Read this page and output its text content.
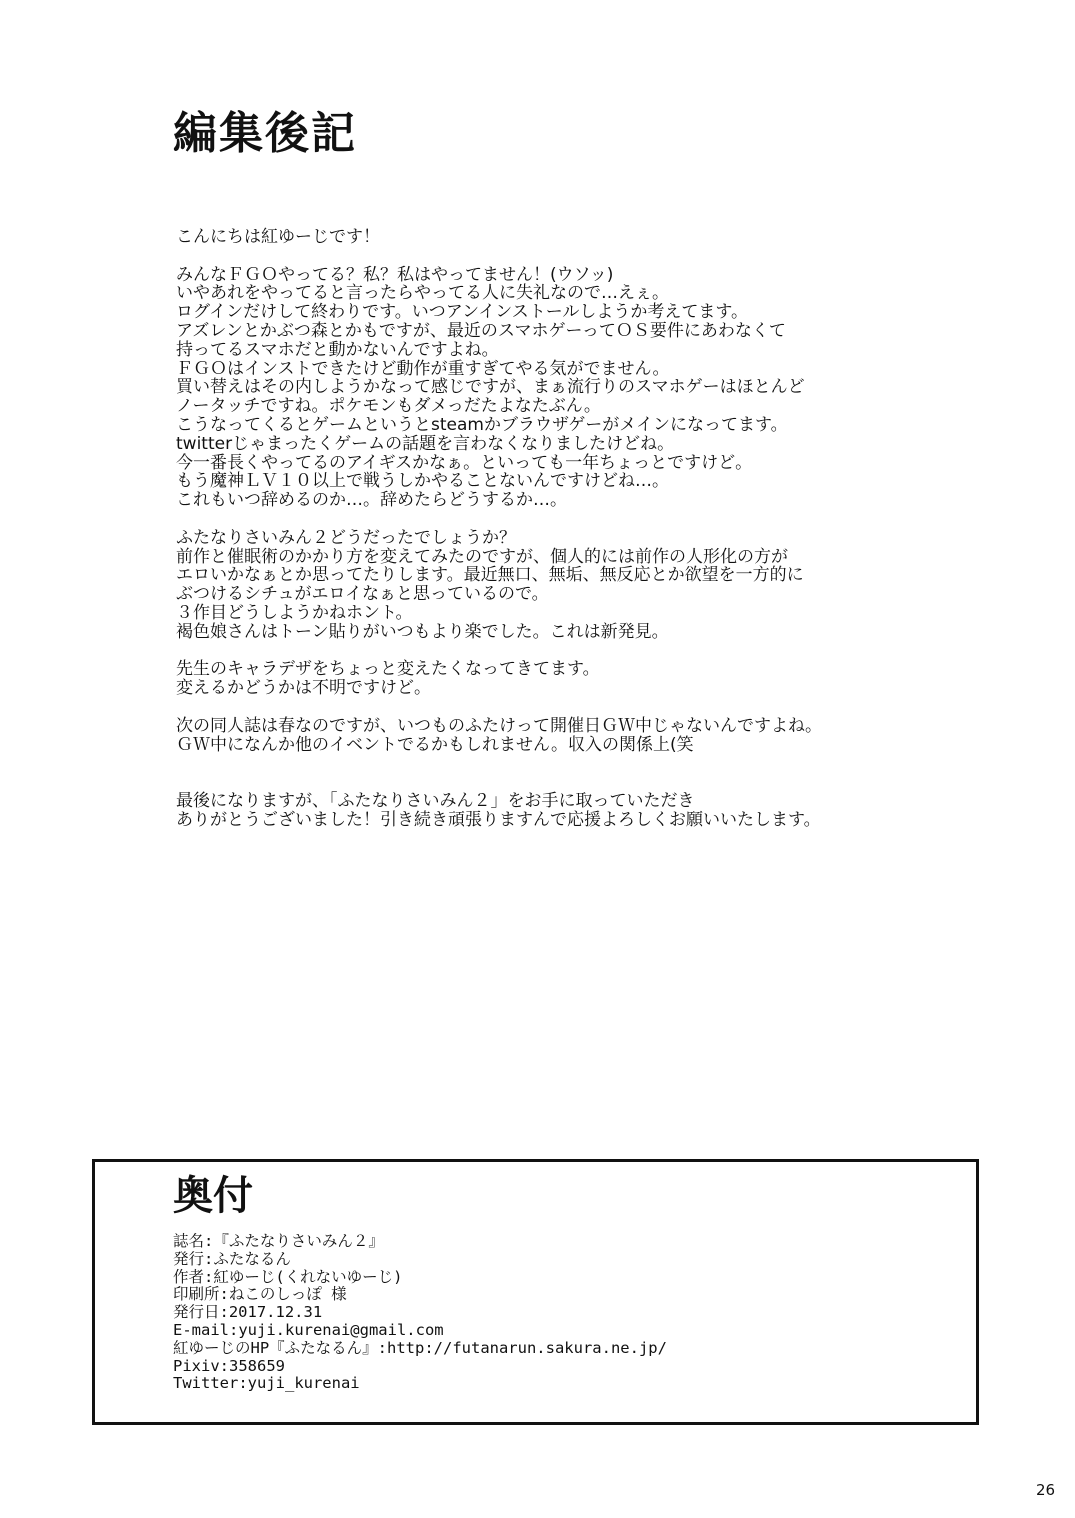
編集後記

こんにちは紅ゆーじです！

みんなＦＧＯやってる？私？私はやってません！(ウソッ)
いやあれをやってると言ったらやってる人に失礼なので…えぇ。
ログインだけして終わりです。いつアンインストールしようか考えてます。
アズレンとかぶつ森とかもですが、最近のスマホゲーってＯＳ要件にあわなくて
持ってるスマホだと動かないんですよね。
ＦＧＯはインストできたけど動作が重すぎてやる気がでません。
買い替えはその内しようかなって感じですが、まぁ流行りのスマホゲーはほとんど
ノータッチですね。ポケモンもダメっだたよなたぶん。
こうなってくるとゲームというとsteamかブラウザゲーがメインになってます。
twitterじゃまったくゲームの話題を言わなくなりましたけどね。
今一番長くやってるのアイギスかなぁ。といっても一年ちょっとですけど。
もう魔神ＬＶ１０以上で戦うしかやることないんですけどね…。
これもいつ辞めるのか…。辞めたらどうするか…。

ふたなりさいみん２どうだったでしょうか？
前作と催眠術のかかり方を変えてみたのですが、個人的には前作の人形化の方が
エロいかなぁとか思ってたりします。最近無口、無垢、無反応とか欲望を一方的に
ぶつけるシチュがエロイなぁと思っているので。
３作目どうしようかねホント。
褐色娘さんはトーン貼りがいつもより楽でした。これは新発見。

先生のキャラデザをちょっと変えたくなってきてます。
変えるかどうかは不明ですけど。

次の同人誌は春なのですが、いつものふたけって開催日ＧＷ中じゃないんですよね。
ＧＷ中になんか他のイベントでるかもしれません。収入の関係上(笑

最後になりますが、「ふたなりさいみん２」をお手に取っていただき
ありがとうございました！引き続き頑張りますんで応援よろしくお願いいたします。

奥付
誌名:『ふたなりさいみん２』
発行:ふたなるん
作者:紅ゆーじ(くれないゆーじ)
印刷所:ねこのしっぽ 様
発行日:2017.12.31
E-mail:yuji.kurenai@gmail.com
紅ゆーじのHP『ふたなるん』:http://futanarun.sakura.ne.jp/
Pixiv:358659
Twitter:yuji_kurenai
26
